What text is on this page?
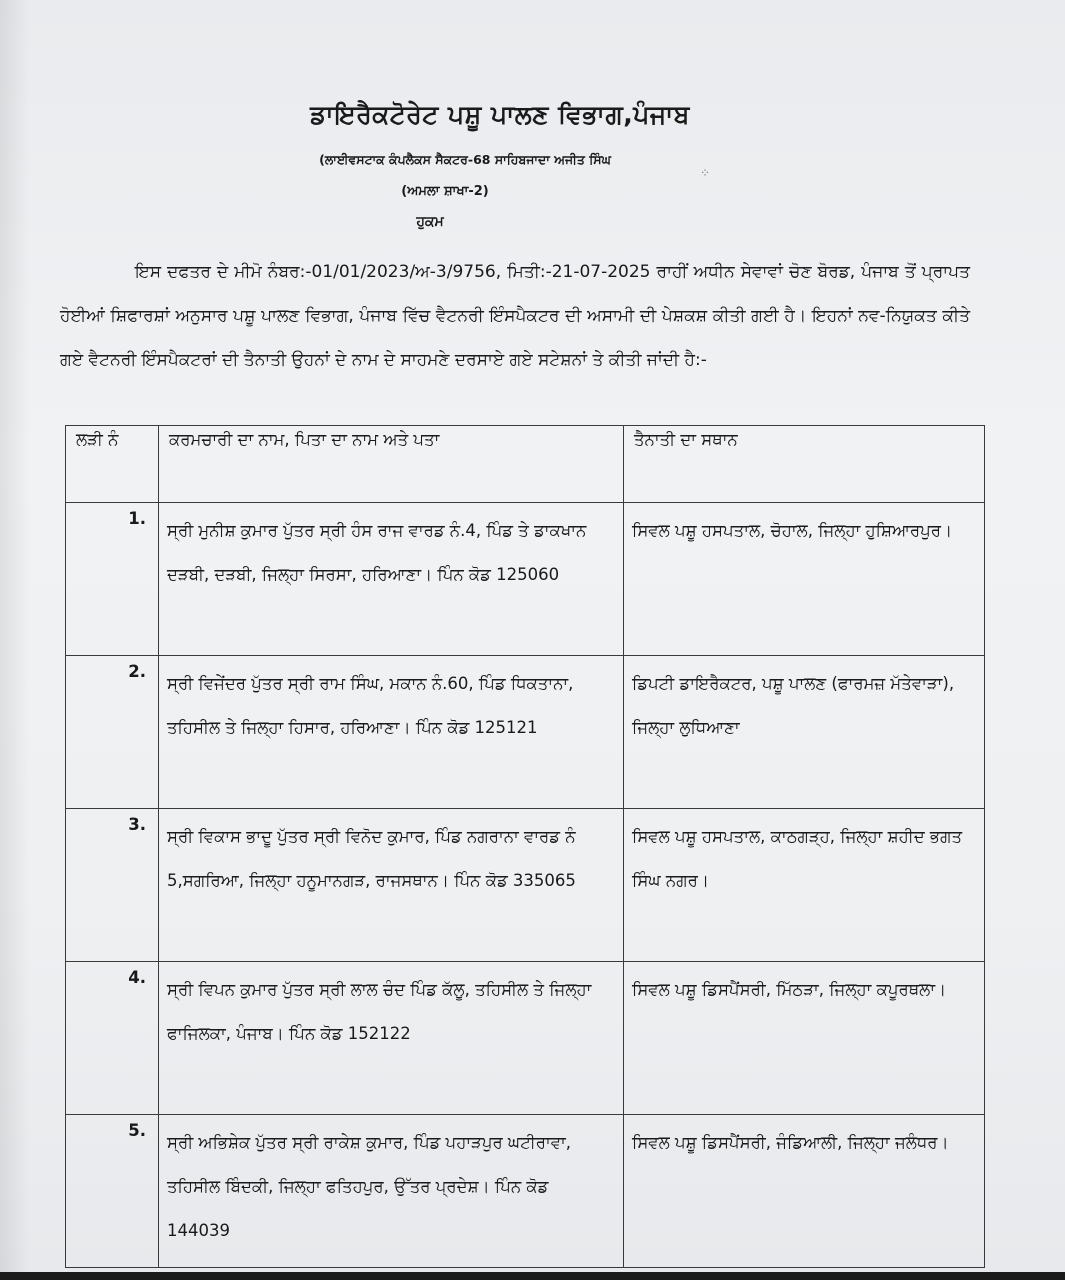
ਡਾਇਰੈਕਟੋਰੇਟ ਪਸ਼ੂ ਪਾਲਣ ਵਿਭਾਗ,ਪੰਜਾਬ
(ਲਾਈਵਸਟਾਕ ਕੰਪਲੈਕਸ ਸੈਕਟਰ-68 ਸਾਹਿਬਜਾਦਾ ਅਜੀਤ ਸਿੰਘ
⁘
(ਅਮਲਾ ਸ਼ਾਖਾ-2)
ਹੁਕਮ
ਇਸ ਦਫਤਰ ਦੇ ਮੀਮੋ ਨੰਬਰ:-01/01/2023/ਅ-3/9756, ਮਿਤੀ:-21-07-2025 ਰਾਹੀਂ ਅਧੀਨ ਸੇਵਾਵਾਂ ਚੋਣ ਬੋਰਡ, ਪੰਜਾਬ ਤੋਂ ਪ੍ਰਾਪਤ ਹੋਈਆਂ ਸ਼ਿਫਾਰਸ਼ਾਂ ਅਨੁਸਾਰ ਪਸ਼ੂ ਪਾਲਣ ਵਿਭਾਗ, ਪੰਜਾਬ ਵਿੱਚ ਵੈਟਨਰੀ ਇੰਸਪੈਕਟਰ ਦੀ ਅਸਾਮੀ ਦੀ ਪੇਸ਼ਕਸ਼ ਕੀਤੀ ਗਈ ਹੈ। ਇਹਨਾਂ ਨਵ-ਨਿਯੁਕਤ ਕੀਤੇ ਗਏ ਵੈਟਨਰੀ ਇੰਸਪੈਕਟਰਾਂ ਦੀ ਤੈਨਾਤੀ ਉਹਨਾਂ ਦੇ ਨਾਮ ਦੇ ਸਾਹਮਣੇ ਦਰਸਾਏ ਗਏ ਸਟੇਸ਼ਨਾਂ ਤੇ ਕੀਤੀ ਜਾਂਦੀ ਹੈ:-
ਲੜੀ ਨੰ	ਕਰਮਚਾਰੀ ਦਾ ਨਾਮ, ਪਿਤਾ ਦਾ ਨਾਮ ਅਤੇ ਪਤਾ	ਤੈਨਾਤੀ ਦਾ ਸਥਾਨ
1.	ਸ੍ਰੀ ਮੁਨੀਸ਼ ਕੁਮਾਰ ਪੁੱਤਰ ਸ੍ਰੀ ਹੰਸ ਰਾਜ ਵਾਰਡ ਨੰ.4, ਪਿੰਡ ਤੇ ਡਾਕਖਾਨ ਦੜਬੀ, ਦੜਬੀ, ਜਿਲ੍ਹਾ ਸਿਰਸਾ, ਹਰਿਆਣਾ। ਪਿੰਨ ਕੋਡ 125060	ਸਿਵਲ ਪਸ਼ੂ ਹਸਪਤਾਲ, ਚੋਹਾਲ, ਜਿਲ੍ਹਾ ਹੁਸ਼ਿਆਰਪੁਰ।
2.	ਸ੍ਰੀ ਵਿਜੇਂਦਰ ਪੁੱਤਰ ਸ੍ਰੀ ਰਾਮ ਸਿੰਘ, ਮਕਾਨ ਨੰ.60, ਪਿੰਡ ਧਿਕਤਾਨਾ, ਤਹਿਸੀਲ ਤੇ ਜਿਲ੍ਹਾ ਹਿਸਾਰ, ਹਰਿਆਣਾ। ਪਿੰਨ ਕੋਡ 125121	ਡਿਪਟੀ ਡਾਇਰੈਕਟਰ, ਪਸ਼ੂ ਪਾਲਣ (ਫਾਰਮਜ਼ ਮੱਤੇਵਾੜਾ), ਜਿਲ੍ਹਾ ਲੁਧਿਆਣਾ
3.	ਸ੍ਰੀ ਵਿਕਾਸ ਭਾਦੂ ਪੁੱਤਰ ਸ੍ਰੀ ਵਿਨੋਦ ਕੁਮਾਰ, ਪਿੰਡ ਨਗਰਾਨਾ ਵਾਰਡ ਨੰ 5,ਸਗਰਿਆ, ਜਿਲ੍ਹਾ ਹਨੂਮਾਨਗੜ, ਰਾਜਸਥਾਨ। ਪਿੰਨ ਕੋਡ 335065	ਸਿਵਲ ਪਸ਼ੂ ਹਸਪਤਾਲ, ਕਾਠਗੜ੍ਹ, ਜਿਲ੍ਹਾ ਸ਼ਹੀਦ ਭਗਤ ਸਿੰਘ ਨਗਰ।
4.	ਸ੍ਰੀ ਵਿਪਨ ਕੁਮਾਰ ਪੁੱਤਰ ਸ੍ਰੀ ਲਾਲ ਚੰਦ ਪਿੰਡ ਕੱਲੂ, ਤਹਿਸੀਲ ਤੇ ਜਿਲ੍ਹਾ ਫਾਜਿਲਕਾ, ਪੰਜਾਬ। ਪਿੰਨ ਕੋਡ 152122	ਸਿਵਲ ਪਸ਼ੂ ਡਿਸਪੈਂਸਰੀ, ਮਿੱਠੜਾ, ਜਿਲ੍ਹਾ ਕਪੂਰਥਲਾ।
5.	ਸ੍ਰੀ ਅਭਿਸ਼ੇਕ ਪੁੱਤਰ ਸ੍ਰੀ ਰਾਕੇਸ਼ ਕੁਮਾਰ, ਪਿੰਡ ਪਹਾੜਪੁਰ ਘਟੀਰਾਵਾ, ਤਹਿਸੀਲ ਬਿੰਦਕੀ, ਜਿਲ੍ਹਾ ਫਤਿਹਪੁਰ, ਉੱਤਰ ਪ੍ਰਦੇਸ਼। ਪਿੰਨ ਕੋਡ 144039	ਸਿਵਲ ਪਸ਼ੂ ਡਿਸਪੈਂਸਰੀ, ਜੰਡਿਆਲੀ, ਜਿਲ੍ਹਾ ਜਲੰਧਰ।
